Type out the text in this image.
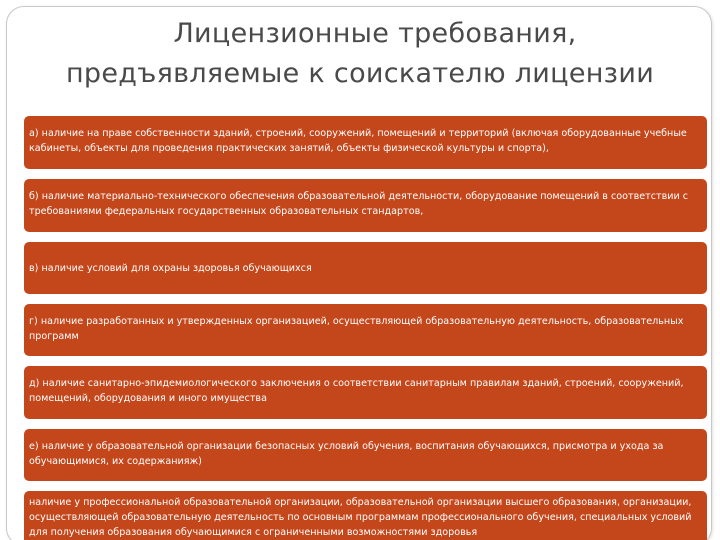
Лицензионные требования,
предъявляемые к соискателю лицензии
а) наличие на праве собственности зданий, строений, сооружений, помещений и территорий (включая оборудованные учебные кабинеты, объекты для проведения практических занятий, объекты физической культуры и спорта),
б) наличие материально-технического обеспечения образовательной деятельности, оборудование помещений в соответствии с требованиями федеральных государственных образовательных стандартов,
в) наличие условий для охраны здоровья обучающихся
г) наличие разработанных и утвержденных организацией, осуществляющей образовательную деятельность, образовательных программ
д) наличие санитарно-эпидемиологического заключения о соответствии санитарным правилам зданий, строений, сооружений, помещений, оборудования и иного имущества
е) наличие у образовательной организации безопасных условий обучения, воспитания обучающихся, присмотра и ухода за обучающимися, их содержанияж)
наличие у профессиональной образовательной организации, образовательной организации высшего образования, организации, осуществляющей образовательную деятельность по основным программам профессионального обучения, специальных условий для получения образования обучающимися с ограниченными возможностями здоровья
